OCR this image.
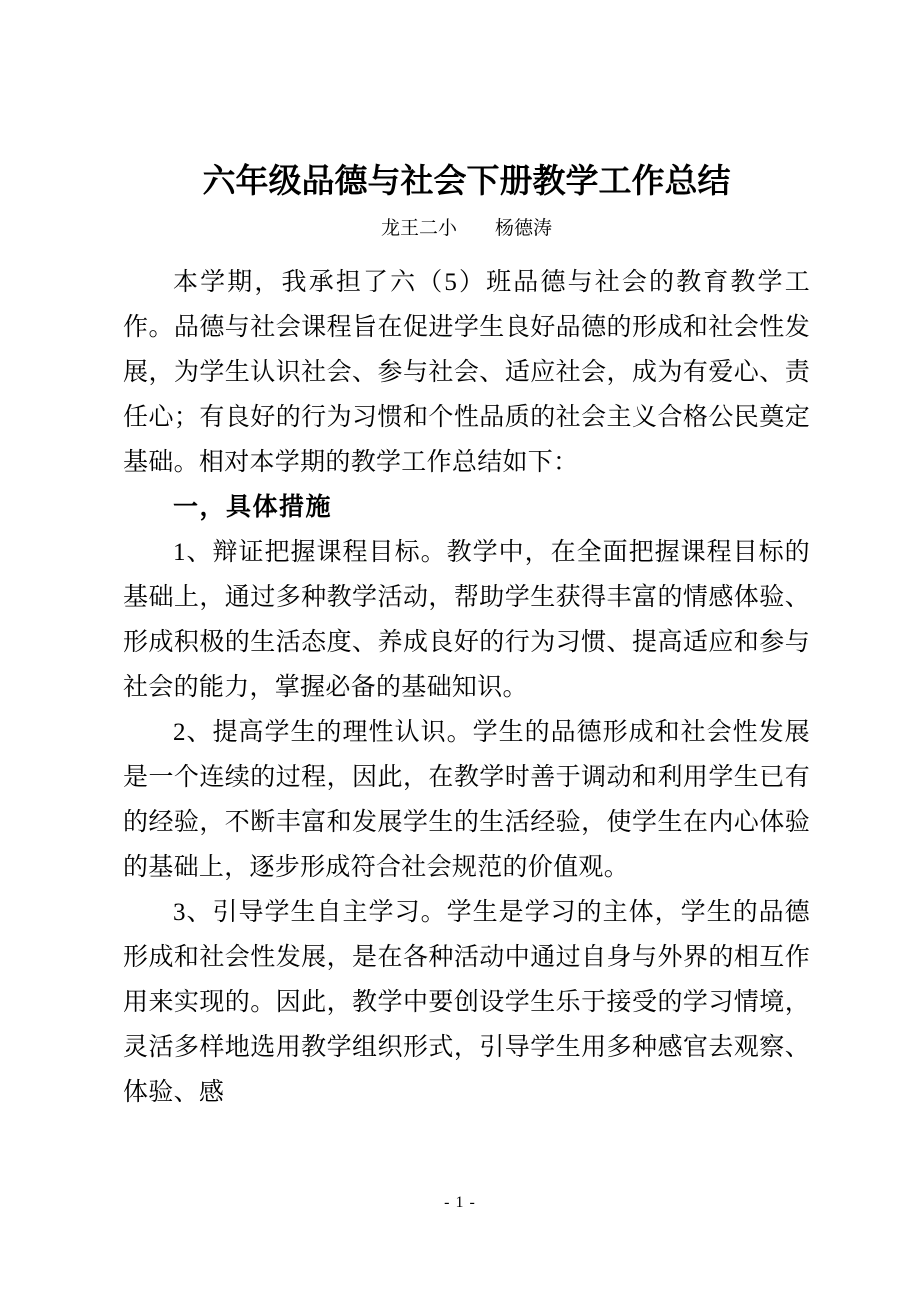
六年级品德与社会下册教学工作总结
龙王二小　　杨德涛

本学期，我承担了六（5）班品德与社会的教育教学工作。品德与社会课程旨在促进学生良好品德的形成和社会性发展，为学生认识社会、参与社会、适应社会，成为有爱心、责任心；有良好的行为习惯和个性品质的社会主义合格公民奠定基础。相对本学期的教学工作总结如下：

一，具体措施

1、辩证把握课程目标。教学中，在全面把握课程目标的基础上，通过多种教学活动，帮助学生获得丰富的情感体验、形成积极的生活态度、养成良好的行为习惯、提高适应和参与社会的能力，掌握必备的基础知识。

2、提高学生的理性认识。学生的品德形成和社会性发展是一个连续的过程，因此，在教学时善于调动和利用学生已有的经验，不断丰富和发展学生的生活经验，使学生在内心体验的基础上，逐步形成符合社会规范的价值观。

3、引导学生自主学习。学生是学习的主体，学生的品德形成和社会性发展，是在各种活动中通过自身与外界的相互作用来实现的。因此，教学中要创设学生乐于接受的学习情境，灵活多样地选用教学组织形式，引导学生用多种感官去观察、体验、感

- 1 -
